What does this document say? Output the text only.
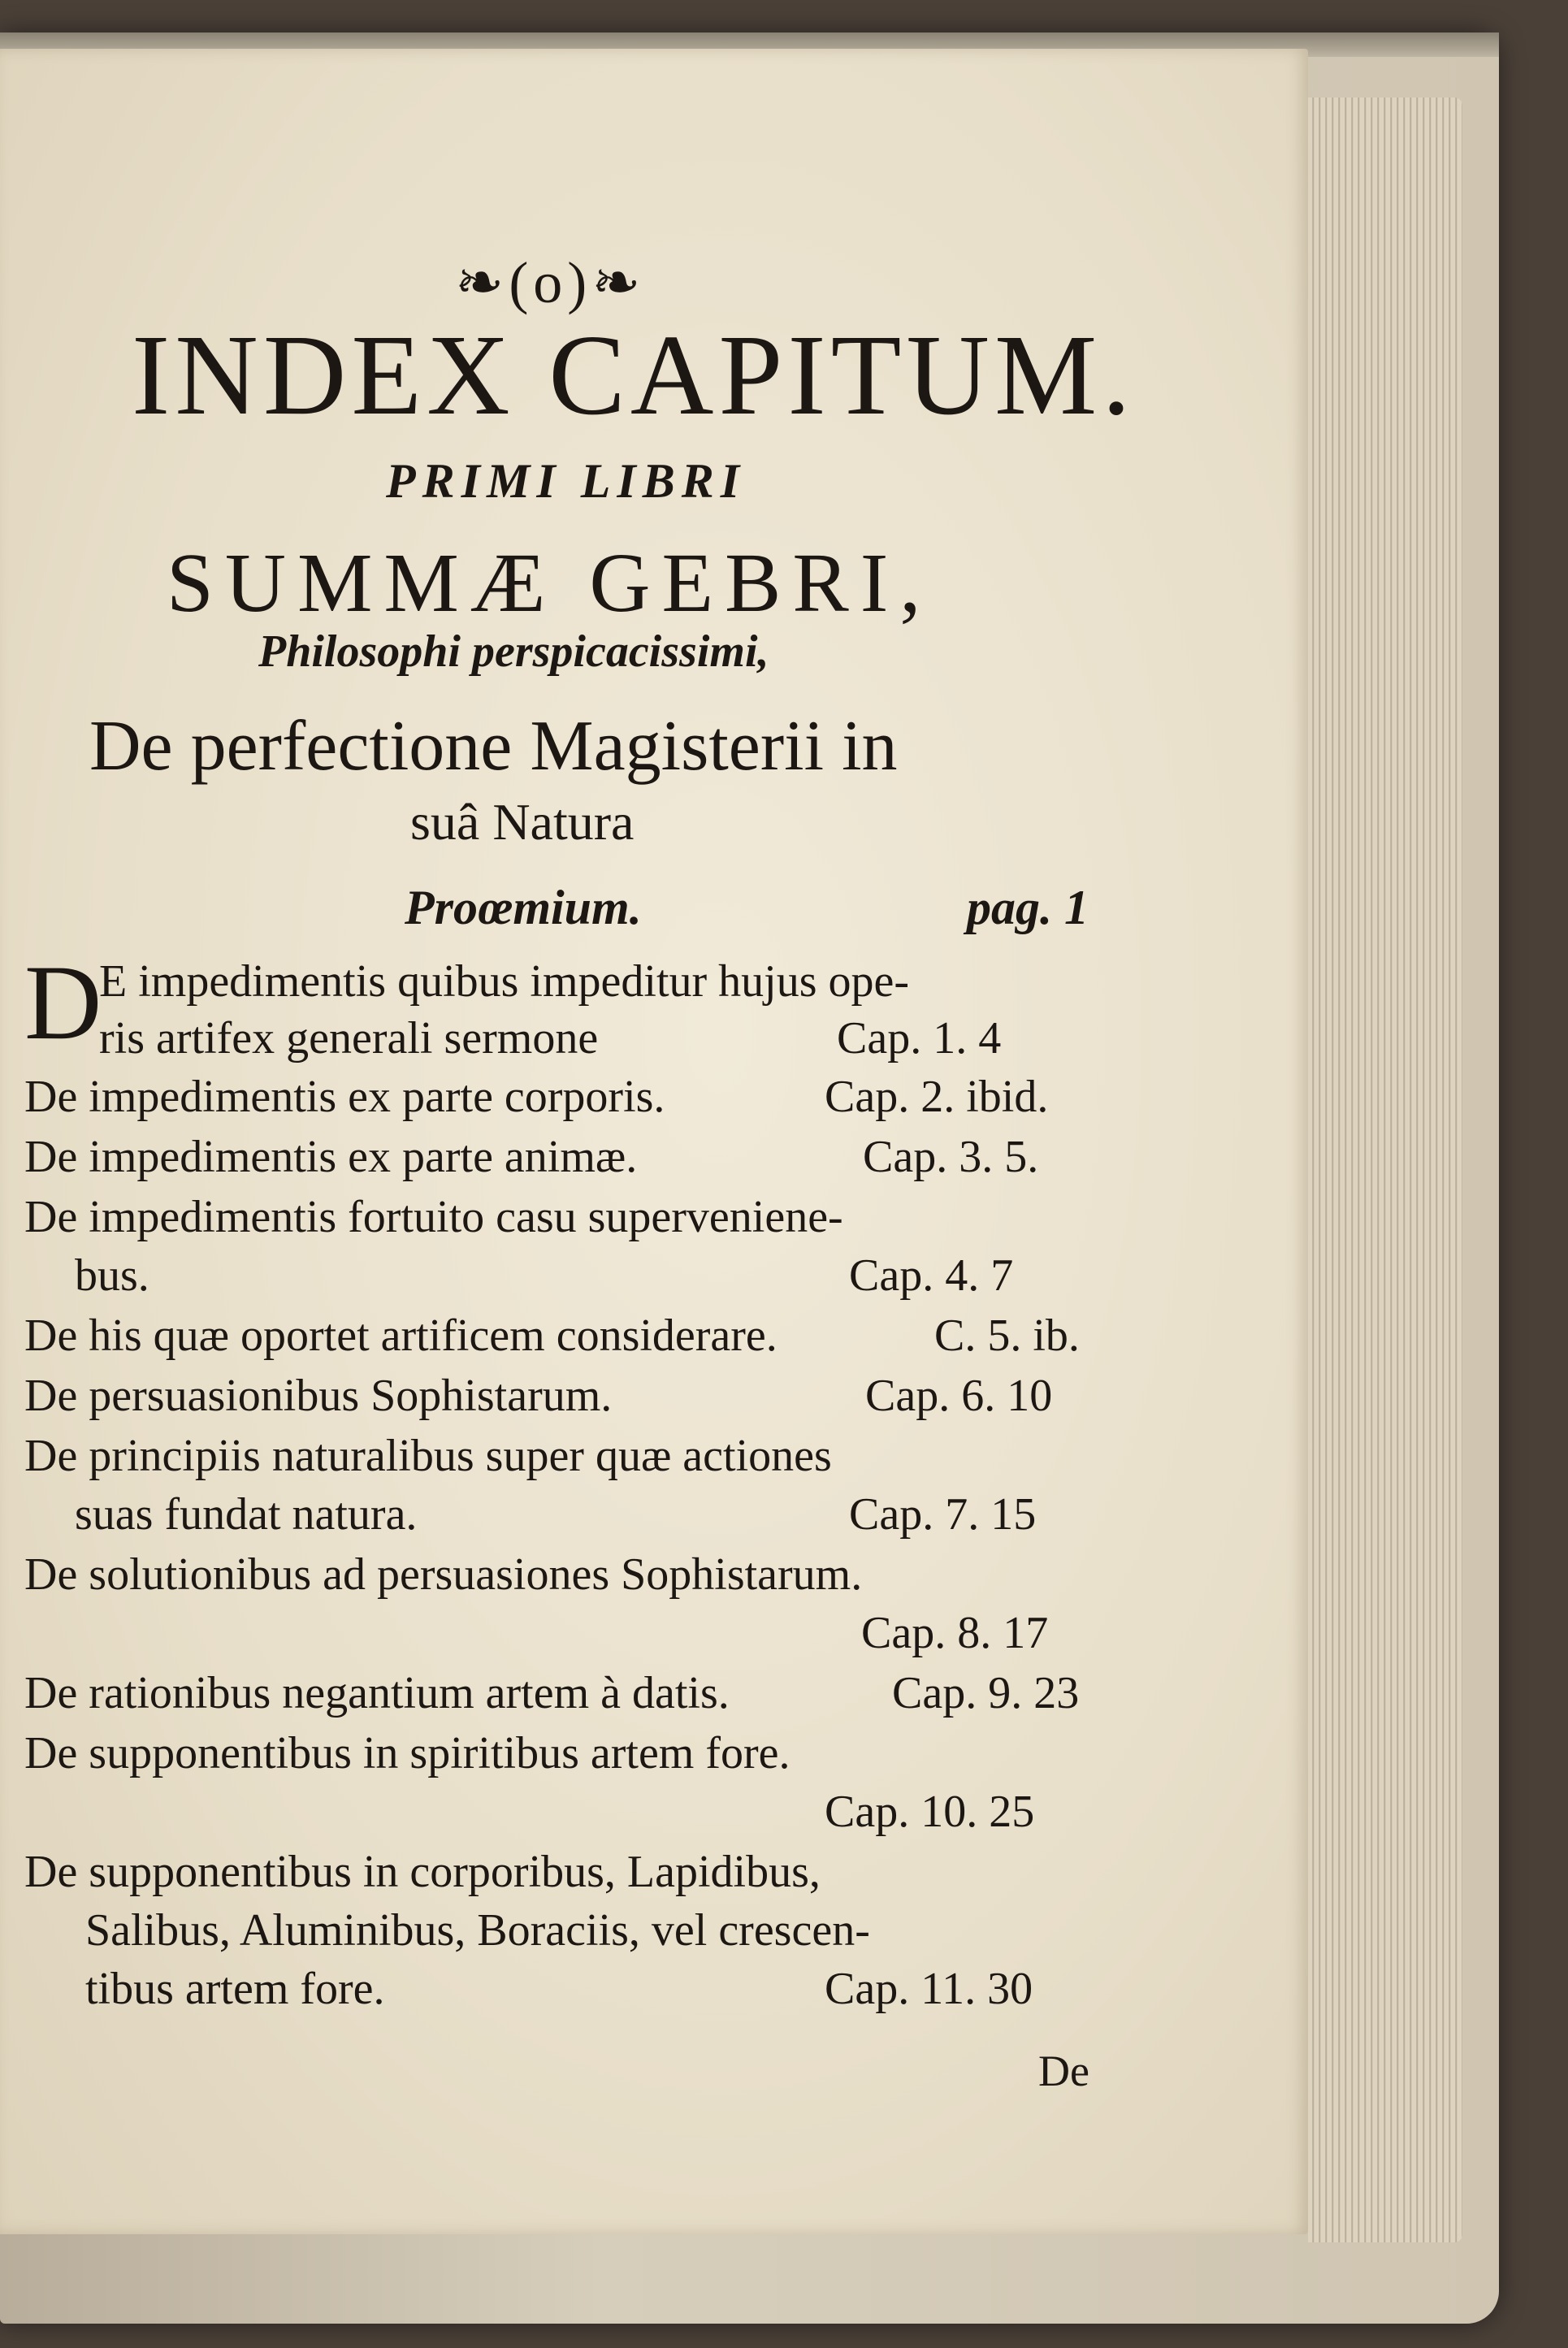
❧(o)❧
INDEX CAPITUM.
PRIMI LIBRI
SUMMÆ GEBRI,
Philosophi perspicacissimi,
De perfectione Magisterii in
suâ Natura
Proœmium.	pag. 1
D
E impedimentis quibus impeditur hujus ope-
ris artifex generali sermone	Cap. 1. 4
De impedimentis ex parte corporis.	Cap. 2. ibid.
De impedimentis ex parte animæ.	Cap. 3. 5.
De impedimentis fortuito casu superveniene-
bus.	Cap. 4. 7
De his quæ oportet artificem considerare.	C. 5. ib.
De persuasionibus Sophistarum.	Cap. 6. 10
De principiis naturalibus super quæ actiones
suas fundat natura.	Cap. 7. 15
De solutionibus ad persuasiones Sophistarum.
Cap. 8. 17
De rationibus negantium artem à datis.	Cap. 9. 23
De supponentibus in spiritibus artem fore.
Cap. 10. 25
De supponentibus in corporibus, Lapidibus,
Salibus, Aluminibus, Boraciis, vel crescen-
tibus artem fore.	Cap. 11. 30
De
